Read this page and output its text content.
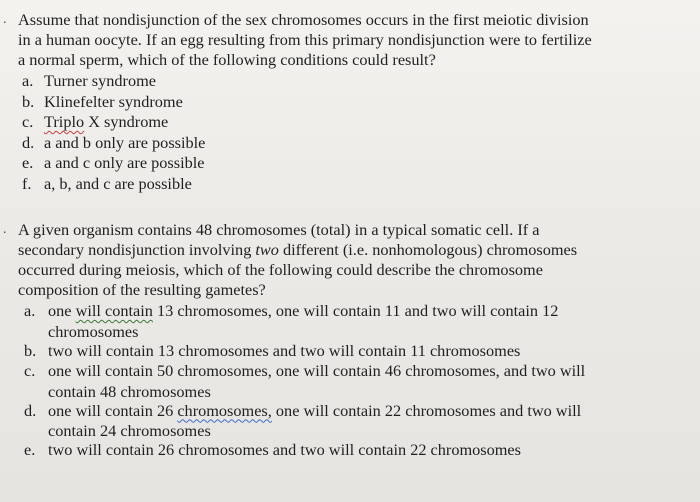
. Assume that nondisjunction of the sex chromosomes occurs in the first meiotic division
in a human oocyte. If an egg resulting from this primary nondisjunction were to fertilize
a normal sperm, which of the following conditions could result?
a. Turner syndrome
b. Klinefelter syndrome
c. Triplo X syndrome
d. a and b only are possible
e. a and c only are possible
f. a, b, and c are possible
. A given organism contains 48 chromosomes (total) in a typical somatic cell. If a
secondary nondisjunction involving two different (i.e. nonhomologous) chromosomes
occurred during meiosis, which of the following could describe the chromosome
composition of the resulting gametes?
a. one will contain 13 chromosomes, one will contain 11 and two will contain 12
chromosomes
b. two will contain 13 chromosomes and two will contain 11 chromosomes
c. one will contain 50 chromosomes, one will contain 46 chromosomes, and two will
contain 48 chromosomes
d. one will contain 26 chromosomes, one will contain 22 chromosomes and two will
contain 24 chromosomes
e. two will contain 26 chromosomes and two will contain 22 chromosomes
